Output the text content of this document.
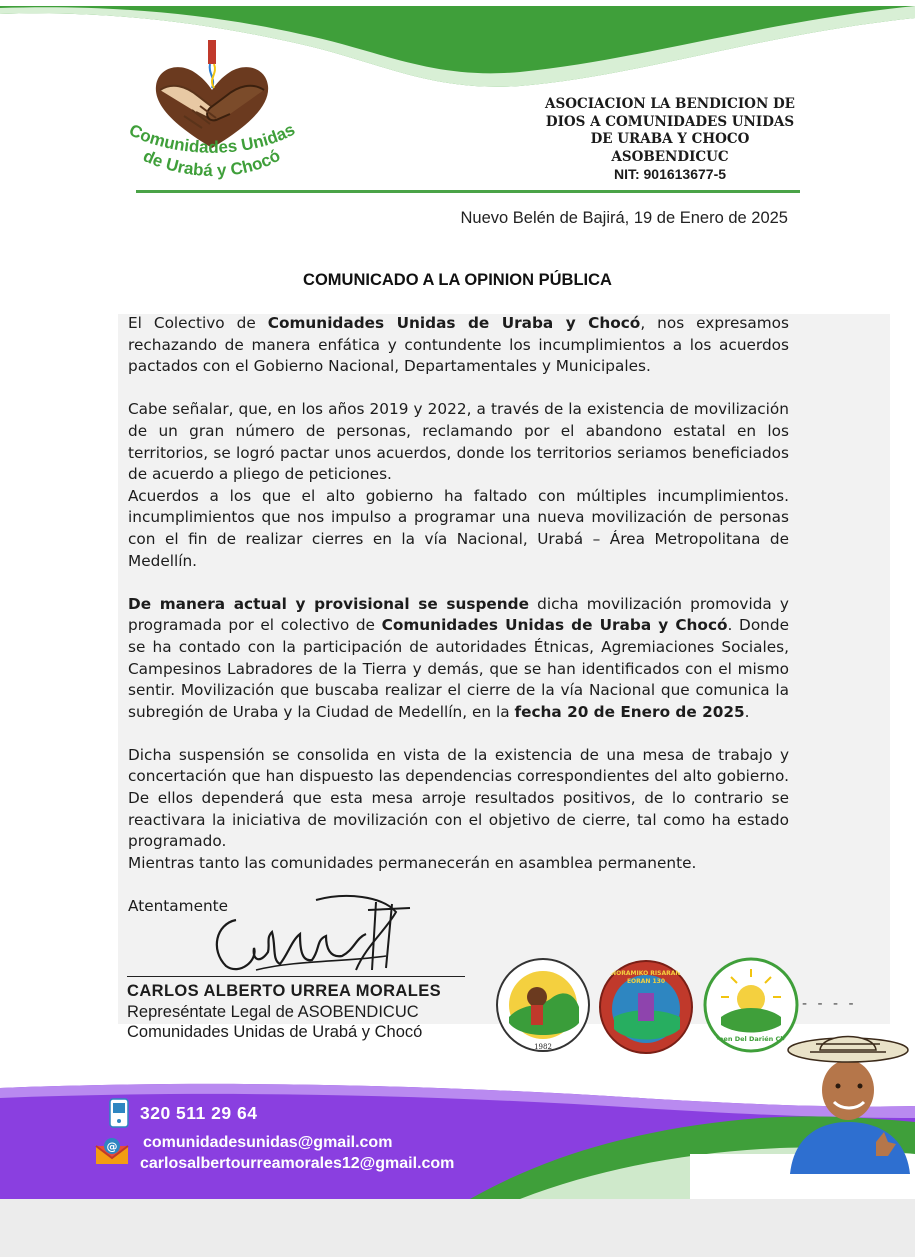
Comunidades Unidas
de Urabá y Chocó
ASOCIACION LA BENDICION DE
DIOS A COMUNIDADES UNIDAS
DE URABA Y CHOCO
ASOBENDICUC
NIT: 901613677-5
Nuevo Belén de Bajirá, 19 de Enero de 2025
COMUNICADO A LA OPINION PÚBLICA

El Colectivo de Comunidades Unidas de Uraba y Chocó, nos expresamos rechazando de manera enfática y contundente los incumplimientos a los acuerdos pactados con el Gobierno Nacional, Departamentales y Municipales.

Cabe señalar, que, en los años 2019 y 2022, a través de la existencia de movilización de un gran número de personas, reclamando por el abandono estatal en los territorios, se logró pactar unos acuerdos, donde los territorios seriamos beneficiados de acuerdo a pliego de peticiones.

Acuerdos a los que el alto gobierno ha faltado con múltiples incumplimientos. incumplimientos que nos impulso a programar una nueva movilización de personas con el fin de realizar cierres en la vía Nacional, Urabá – Área Metropolitana de Medellín.

De manera actual y provisional se suspende dicha movilización promovida y programada por el colectivo de Comunidades Unidas de Uraba y Chocó. Donde se ha contado con la participación de autoridades Étnicas, Agremiaciones Sociales, Campesinos Labradores de la Tierra y demás, que se han identificados con el mismo sentir. Movilización que buscaba realizar el cierre de la vía Nacional que comunica la subregión de Uraba y la Ciudad de Medellín, en la fecha 20 de Enero de 2025.

Dicha suspensión se consolida en vista de la existencia de una mesa de trabajo y concertación que han dispuesto las dependencias correspondientes del alto gobierno. De ellos dependerá que esta mesa arroje resultados positivos, de lo contrario se reactivara la iniciativa de movilización con el objetivo de cierre, tal como ha estado programado.

Mientras tanto las comunidades permanecerán en asamblea permanente.

Atentamente
CARLOS ALBERTO URREA MORALES
Represéntate Legal de ASOBENDICUC
Comunidades Unidas de Urabá y Chocó
1982
ANORAMIKO RISARAÑO
EORAN 130
Carmen Del Darién Chocó
- - - -
320 511 29 64
@ comunidadesunidas@gmail.com
carlosalbertourreamorales12@gmail.com
